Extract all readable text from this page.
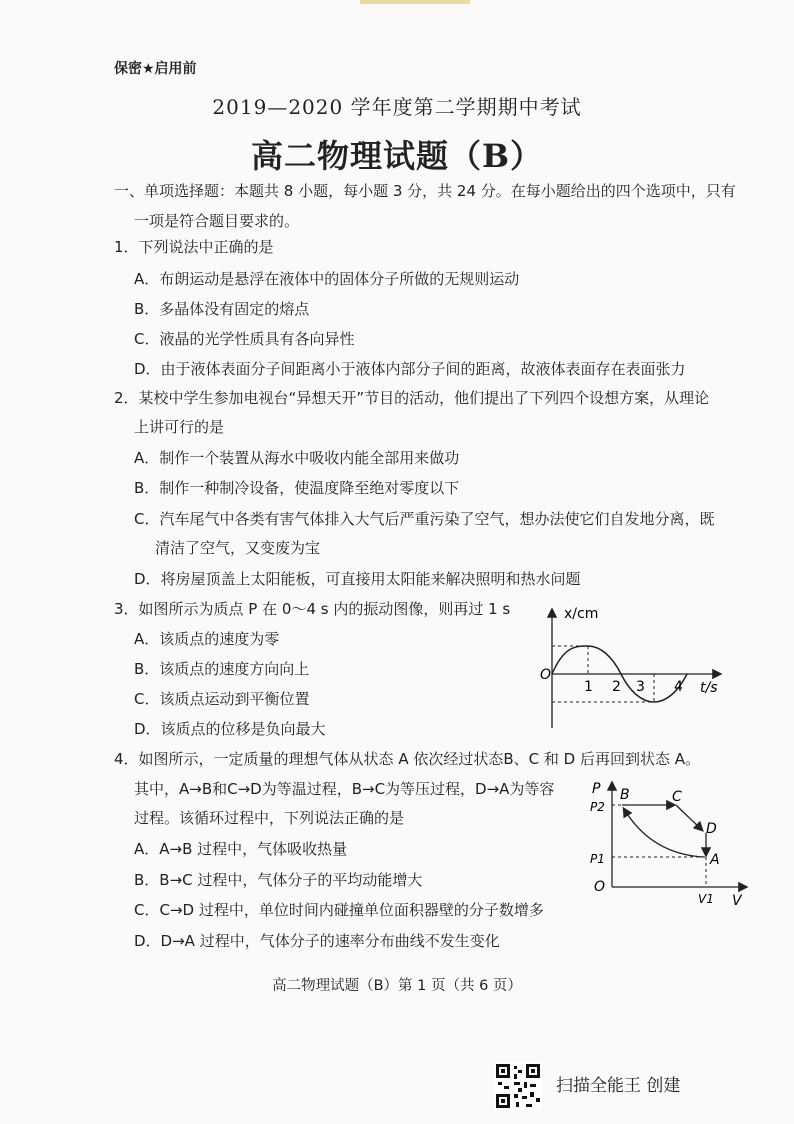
保密★启用前
2019—2020 学年度第二学期期中考试
高二物理试题（B）
一、单项选择题：本题共 8 小题，每小题 3 分，共 24 分。在每小题给出的四个选项中，只有
一项是符合题目要求的。
1．下列说法中正确的是
A．布朗运动是悬浮在液体中的固体分子所做的无规则运动
B．多晶体没有固定的熔点
C．液晶的光学性质具有各向异性
D．由于液体表面分子间距离小于液体内部分子间的距离，故液体表面存在表面张力
2．某校中学生参加电视台“异想天开”节目的活动，他们提出了下列四个设想方案，从理论
上讲可行的是
A．制作一个装置从海水中吸收内能全部用来做功
B．制作一种制冷设备，使温度降至绝对零度以下
C．汽车尾气中各类有害气体排入大气后严重污染了空气，想办法使它们自发地分离，既
清洁了空气，又变废为宝
D．将房屋顶盖上太阳能板，可直接用太阳能来解决照明和热水问题
3．如图所示为质点 P 在 0～4 s 内的振动图像，则再过 1 s
A．该质点的速度为零
B．该质点的速度方向向上
C．该质点运动到平衡位置
D．该质点的位移是负向最大
x/cm
O
1 2 3 4 t/s
4．如图所示，一定质量的理想气体从状态 A 依次经过状态B、C 和 D 后再回到状态 A。
其中，A→B和C→D为等温过程，B→C为等压过程，D→A为等容
过程。该循环过程中，下列说法正确的是
A．A→B 过程中，气体吸收热量
B．B→C 过程中，气体分子的平均动能增大
C．C→D 过程中，单位时间内碰撞单位面积器壁的分子数增多
D．D→A 过程中，气体分子的速率分布曲线不发生变化
P
P2
P1
O
V1 V
B	C
D
A
高二物理试题（B）第 1 页（共 6 页）
扫描全能王 创建
